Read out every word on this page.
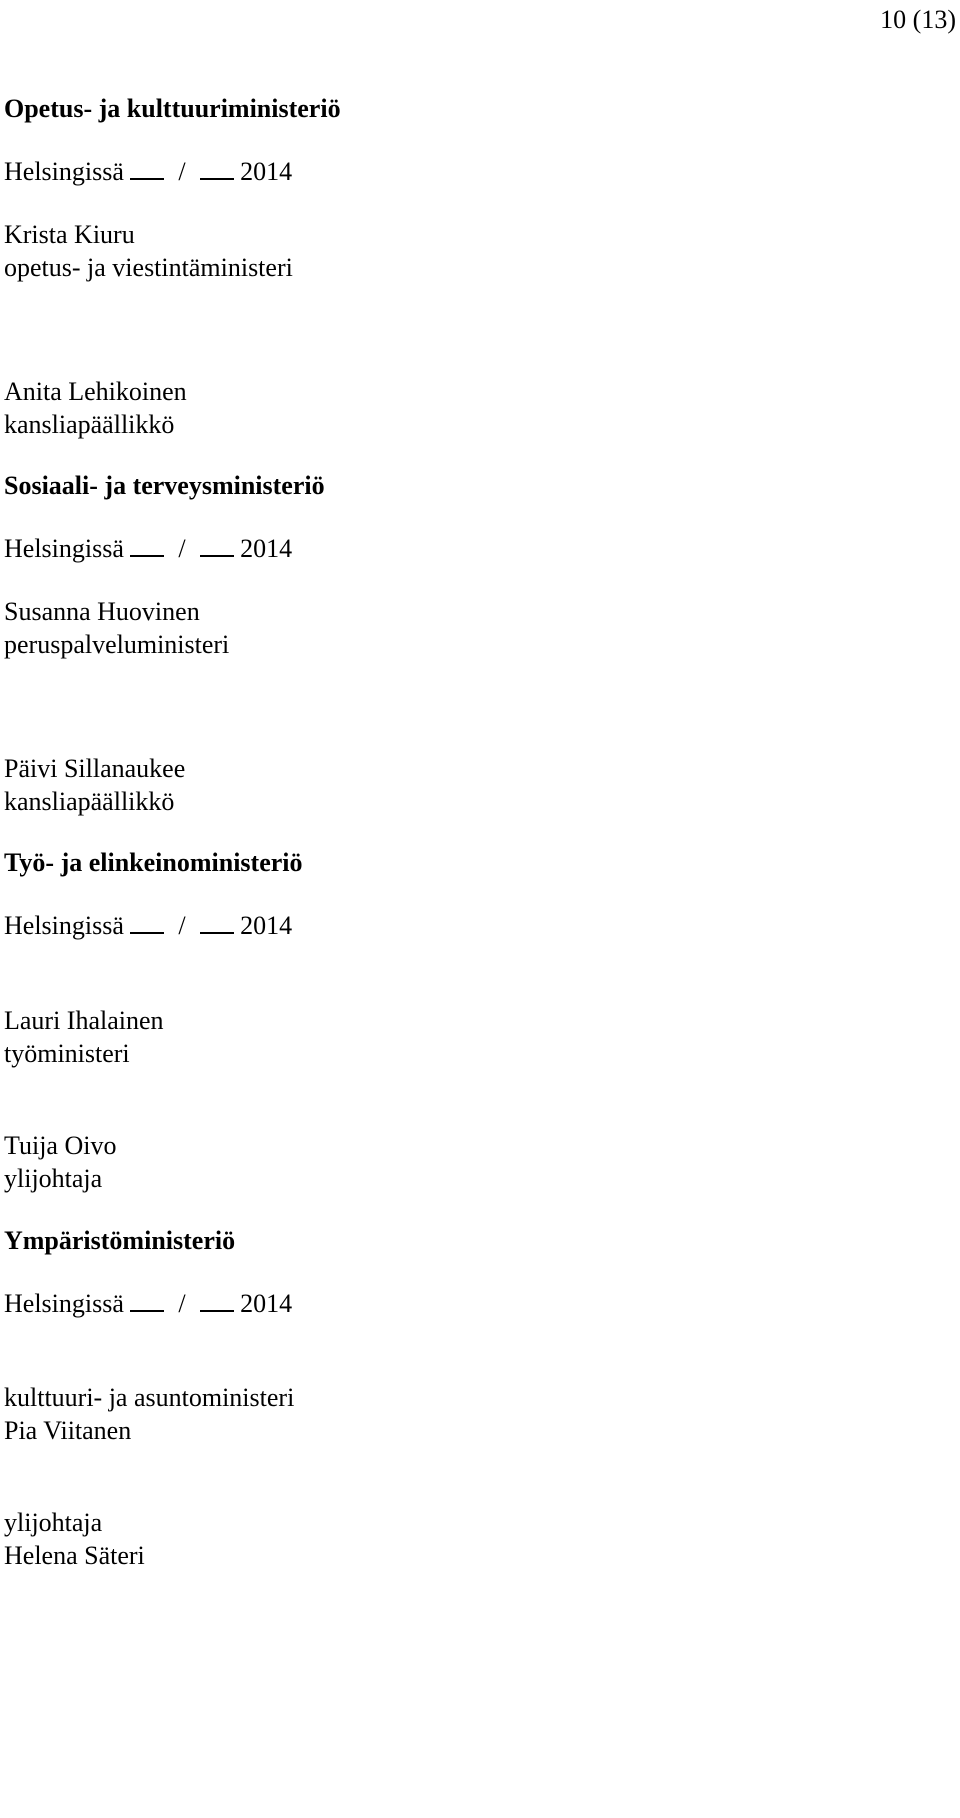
10 (13)
Opetus- ja kulttuuriministeriö
Helsingissä / 2014
Krista Kiuru
opetus- ja viestintäministeri
Anita Lehikoinen
kansliapäällikkö
Sosiaali- ja terveysministeriö
Helsingissä / 2014
Susanna Huovinen
peruspalveluministeri
Päivi Sillanaukee
kansliapäällikkö
Työ- ja elinkeinoministeriö
Helsingissä / 2014
Lauri Ihalainen
työministeri
Tuija Oivo
ylijohtaja
Ympäristöministeriö
Helsingissä / 2014
kulttuuri- ja asuntoministeri
Pia Viitanen
ylijohtaja
Helena Säteri
